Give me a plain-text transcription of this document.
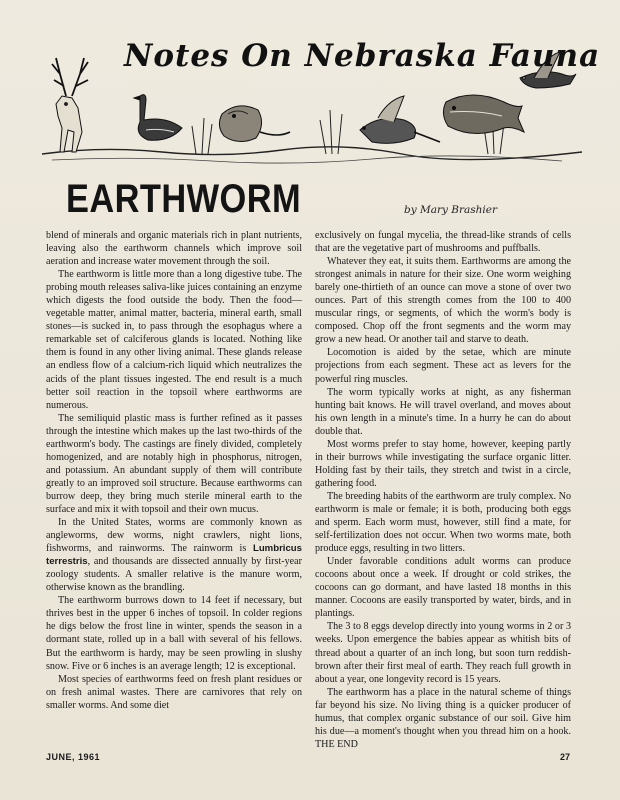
Notes On Nebraska Fauna
EARTHWORM	by Mary Brashier

blend of minerals and organic materials rich in plant nutrients, leaving also the earthworm channels which improve soil aeration and increase water movement through the soil.

The earthworm is little more than a long digestive tube. The probing mouth releases saliva-like juices containing an enzyme which digests the food outside the body. Then the food—vegetable matter, animal matter, bacteria, mineral earth, small stones—is sucked in, to pass through the esophagus where a remarkable set of calciferous glands is located. Nothing like them is found in any other living animal. These glands release an endless flow of a calcium-rich liquid which neutralizes the acids of the plant tissues ingested. The end result is a much better soil reaction in the topsoil where earthworms are numerous.

The semiliquid plastic mass is further refined as it passes through the intestine which makes up the last two-thirds of the earthworm's body. The castings are finely divided, completely homogenized, and are notably high in phosphorus, nitrogen, and potassium. An abundant supply of them will contribute greatly to an improved soil structure. Because earthworms can burrow deep, they bring much sterile mineral earth to the surface and mix it with topsoil and their own mucus.

In the United States, worms are commonly known as angleworms, dew worms, night crawlers, night lions, fishworms, and rainworms. The rainworm is Lumbricus terrestris, and thousands are dissected annually by first-year zoology students. A smaller relative is the manure worm, otherwise known as the brandling.

The earthworm burrows down to 14 feet if necessary, but thrives best in the upper 6 inches of topsoil. In colder regions he digs below the frost line in winter, spends the season in a dormant state, rolled up in a ball with several of his fellows. But the earthworm is hardy, may be seen prowling in slushy snow. Five or 6 inches is an average length; 12 is exceptional.

Most species of earthworms feed on fresh plant residues or on fresh animal wastes. There are carnivores that rely on smaller worms. And some diet

exclusively on fungal mycelia, the thread-like strands of cells that are the vegetative part of mushrooms and puffballs.

Whatever they eat, it suits them. Earthworms are among the strongest animals in nature for their size. One worm weighing barely one-thirtieth of an ounce can move a stone of over two ounces. Part of this strength comes from the 100 to 400 muscular rings, or segments, of which the worm's body is composed. Chop off the front segments and the worm may grow a new head. Or another tail and starve to death.

Locomotion is aided by the setae, which are minute projections from each segment. These act as levers for the powerful ring muscles.

The worm typically works at night, as any fisherman hunting bait knows. He will travel overland, and moves about his own length in a minute's time. In a hurry he can do about double that.

Most worms prefer to stay home, however, keeping partly in their burrows while investigating the surface organic litter. Holding fast by their tails, they stretch and twist in a circle, gathering food.

The breeding habits of the earthworm are truly complex. No earthworm is male or female; it is both, producing both eggs and sperm. Each worm must, however, still find a mate, for self-fertilization does not occur. When two worms mate, both produce eggs, resulting in two litters.

Under favorable conditions adult worms can produce cocoons about once a week. If drought or cold strikes, the cocoons can go dormant, and have lasted 18 months in this manner. Cocoons are easily transported by water, birds, and in plantings.

The 3 to 8 eggs develop directly into young worms in 2 or 3 weeks. Upon emergence the babies appear as whitish bits of thread about a quarter of an inch long, but soon turn reddish-brown after their first meal of earth. They reach full growth in about a year, one longevity record is 15 years.

The earthworm has a place in the natural scheme of things far beyond his size. No living thing is a quicker producer of humus, that complex organic substance of our soil. Give him his due—a moment's thought when you thread him on a hook. THE END

JUNE, 1961	27
